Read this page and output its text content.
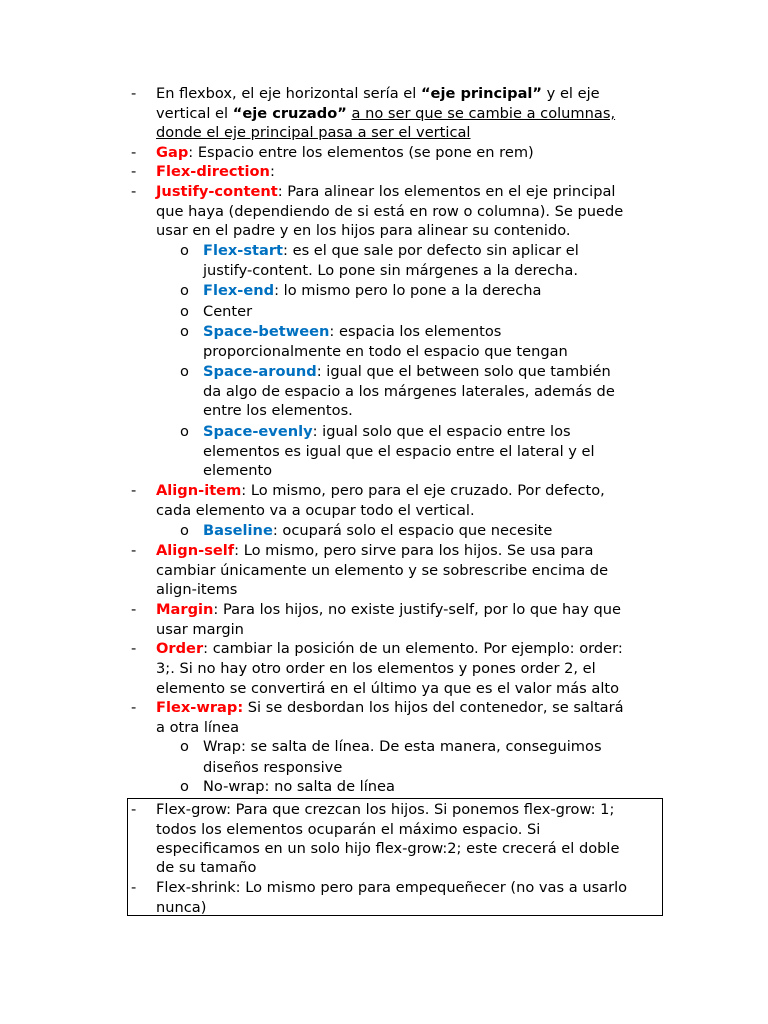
- En flexbox, el eje horizontal sería el “eje principal” y el eje
vertical el “eje cruzado” a no ser que se cambie a columnas,
donde el eje principal pasa a ser el vertical
- Gap: Espacio entre los elementos (se pone en rem)
- Flex-direction:
- Justify-content: Para alinear los elementos en el eje principal
que haya (dependiendo de si está en row o columna). Se puede
usar en el padre y en los hijos para alinear su contenido.
o Flex-start: es el que sale por defecto sin aplicar el
justify-content. Lo pone sin márgenes a la derecha.
o Flex-end: lo mismo pero lo pone a la derecha
o Center
o Space-between: espacia los elementos
proporcionalmente en todo el espacio que tengan
o Space-around: igual que el between solo que también
da algo de espacio a los márgenes laterales, además de
entre los elementos.
o Space-evenly: igual solo que el espacio entre los
elementos es igual que el espacio entre el lateral y el
elemento
- Align-item: Lo mismo, pero para el eje cruzado. Por defecto,
cada elemento va a ocupar todo el vertical.
o Baseline: ocupará solo el espacio que necesite
- Align-self: Lo mismo, pero sirve para los hijos. Se usa para
cambiar únicamente un elemento y se sobrescribe encima de
align-items
- Margin: Para los hijos, no existe justify-self, por lo que hay que
usar margin
- Order: cambiar la posición de un elemento. Por ejemplo: order:
3;. Si no hay otro order en los elementos y pones order 2, el
elemento se convertirá en el último ya que es el valor más alto
- Flex-wrap: Si se desbordan los hijos del contenedor, se saltará
a otra línea
o Wrap: se salta de línea. De esta manera, conseguimos
diseños responsive
o No-wrap: no salta de línea
- Flex-grow: Para que crezcan los hijos. Si ponemos flex-grow: 1;
todos los elementos ocuparán el máximo espacio. Si
especificamos en un solo hijo flex-grow:2; este crecerá el doble
de su tamaño
- Flex-shrink: Lo mismo pero para empequeñecer (no vas a usarlo
nunca)
